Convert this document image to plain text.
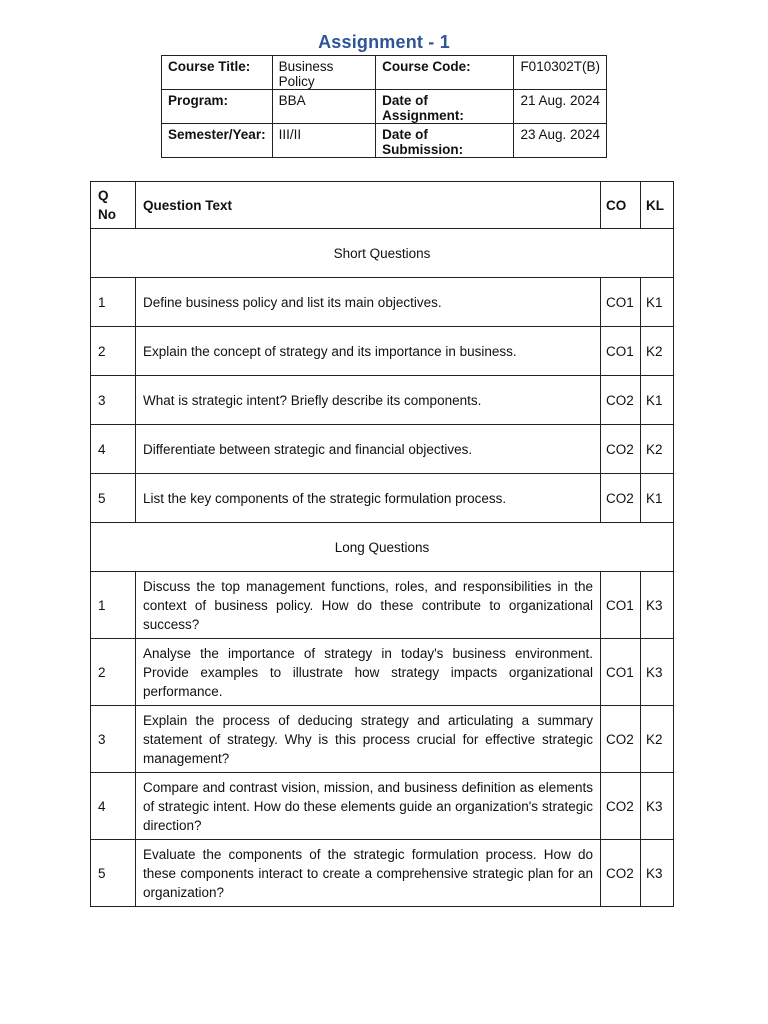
Assignment - 1
Course Title:	Business Policy	Course Code:	F010302T(B)
Program:	BBA	Date of Assignment:	21 Aug. 2024
Semester/Year:	III/II	Date of Submission:	23 Aug. 2024
Q No	Question Text	CO	KL
Short Questions			
1	Define business policy and list its main objectives.	CO1	K1
2	Explain the concept of strategy and its importance in business.	CO1	K2
3	What is strategic intent? Briefly describe its components.	CO2	K1
4	Differentiate between strategic and financial objectives.	CO2	K2
5	List the key components of the strategic formulation process.	CO2	K1
Long Questions			
1	Discuss the top management functions, roles, and responsibilities in the context of business policy. How do these contribute to organizational success?	CO1	K3
2	Analyse the importance of strategy in today's business environment. Provide examples to illustrate how strategy impacts organizational performance.	CO1	K3
3	Explain the process of deducing strategy and articulating a summary statement of strategy. Why is this process crucial for effective strategic management?	CO2	K2
4	Compare and contrast vision, mission, and business definition as elements of strategic intent. How do these elements guide an organization's strategic direction?	CO2	K3
5	Evaluate the components of the strategic formulation process. How do these components interact to create a comprehensive strategic plan for an organization?	CO2	K3
